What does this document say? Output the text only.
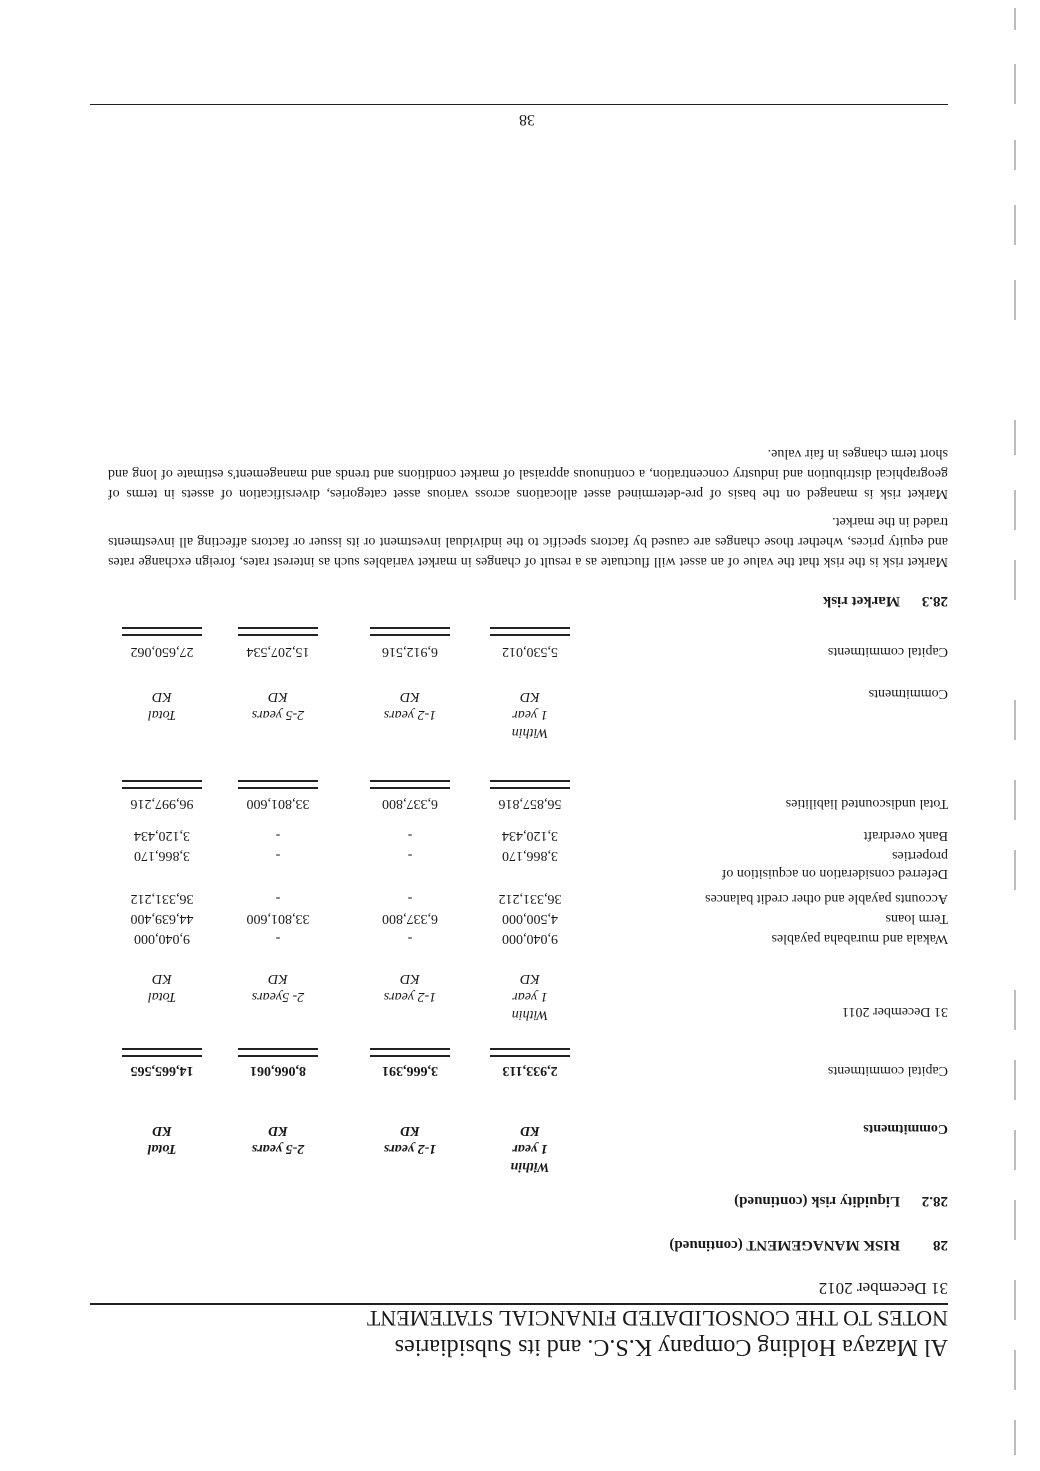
Al Mazaya Holding Company K.S.C. and its Subsidiaries
NOTES TO THE CONSOLIDATED FINANCIAL STATEMENT
31 December 2012
28
RISK MANAGEMENT (continued)
28.2
Liquidity risk (continued)
Commitments
Within
1 year
KD
1-2 years
KD
2-5 years
KD
Total
KD
Capital commitments
2,933,113
3,666,391
8,066,061
14,665,565
31 December 2011
Within
1 year
KD
1-2 years
KD
2- 5years
KD
Total
KD
Wakala and murabaha payables
9,040,000
-
-
9,040,000
Term loans
4,500,000
6,337,800
33,801,600
44,639,400
Accounts payable and other credit balances
36,331,212
-
-
36,331,212
Deferred consideration on acquisition of
properties
3,866,170
-
-
3,866,170
Bank overdraft
3,120,434
-
-
3,120,434
Total undiscounted liabilities
56,857,816
6,337,800
33,801,600
96,997,216
Commitments
Within
1 year
KD
1-2 years
KD
2-5 years
KD
Total
KD
Capital commitments
5,530,012
6,912,516
15,207,534
27,650,062
28.3
Market risk
Market risk is the risk that the value of an asset will fluctuate as a result of changes in market variables such as interest rates, foreign exchange rates and equity prices, whether those changes are caused by factors specific to the individual investment or its issuer or factors affecting all investments traded in the market.
Market risk is managed on the basis of pre-determined asset allocations across various asset categories, diversification of assets in terms of geographical distribution and industry concentration, a continuous appraisal of market conditions and trends and management's estimate of long and short term changes in fair value.
38
